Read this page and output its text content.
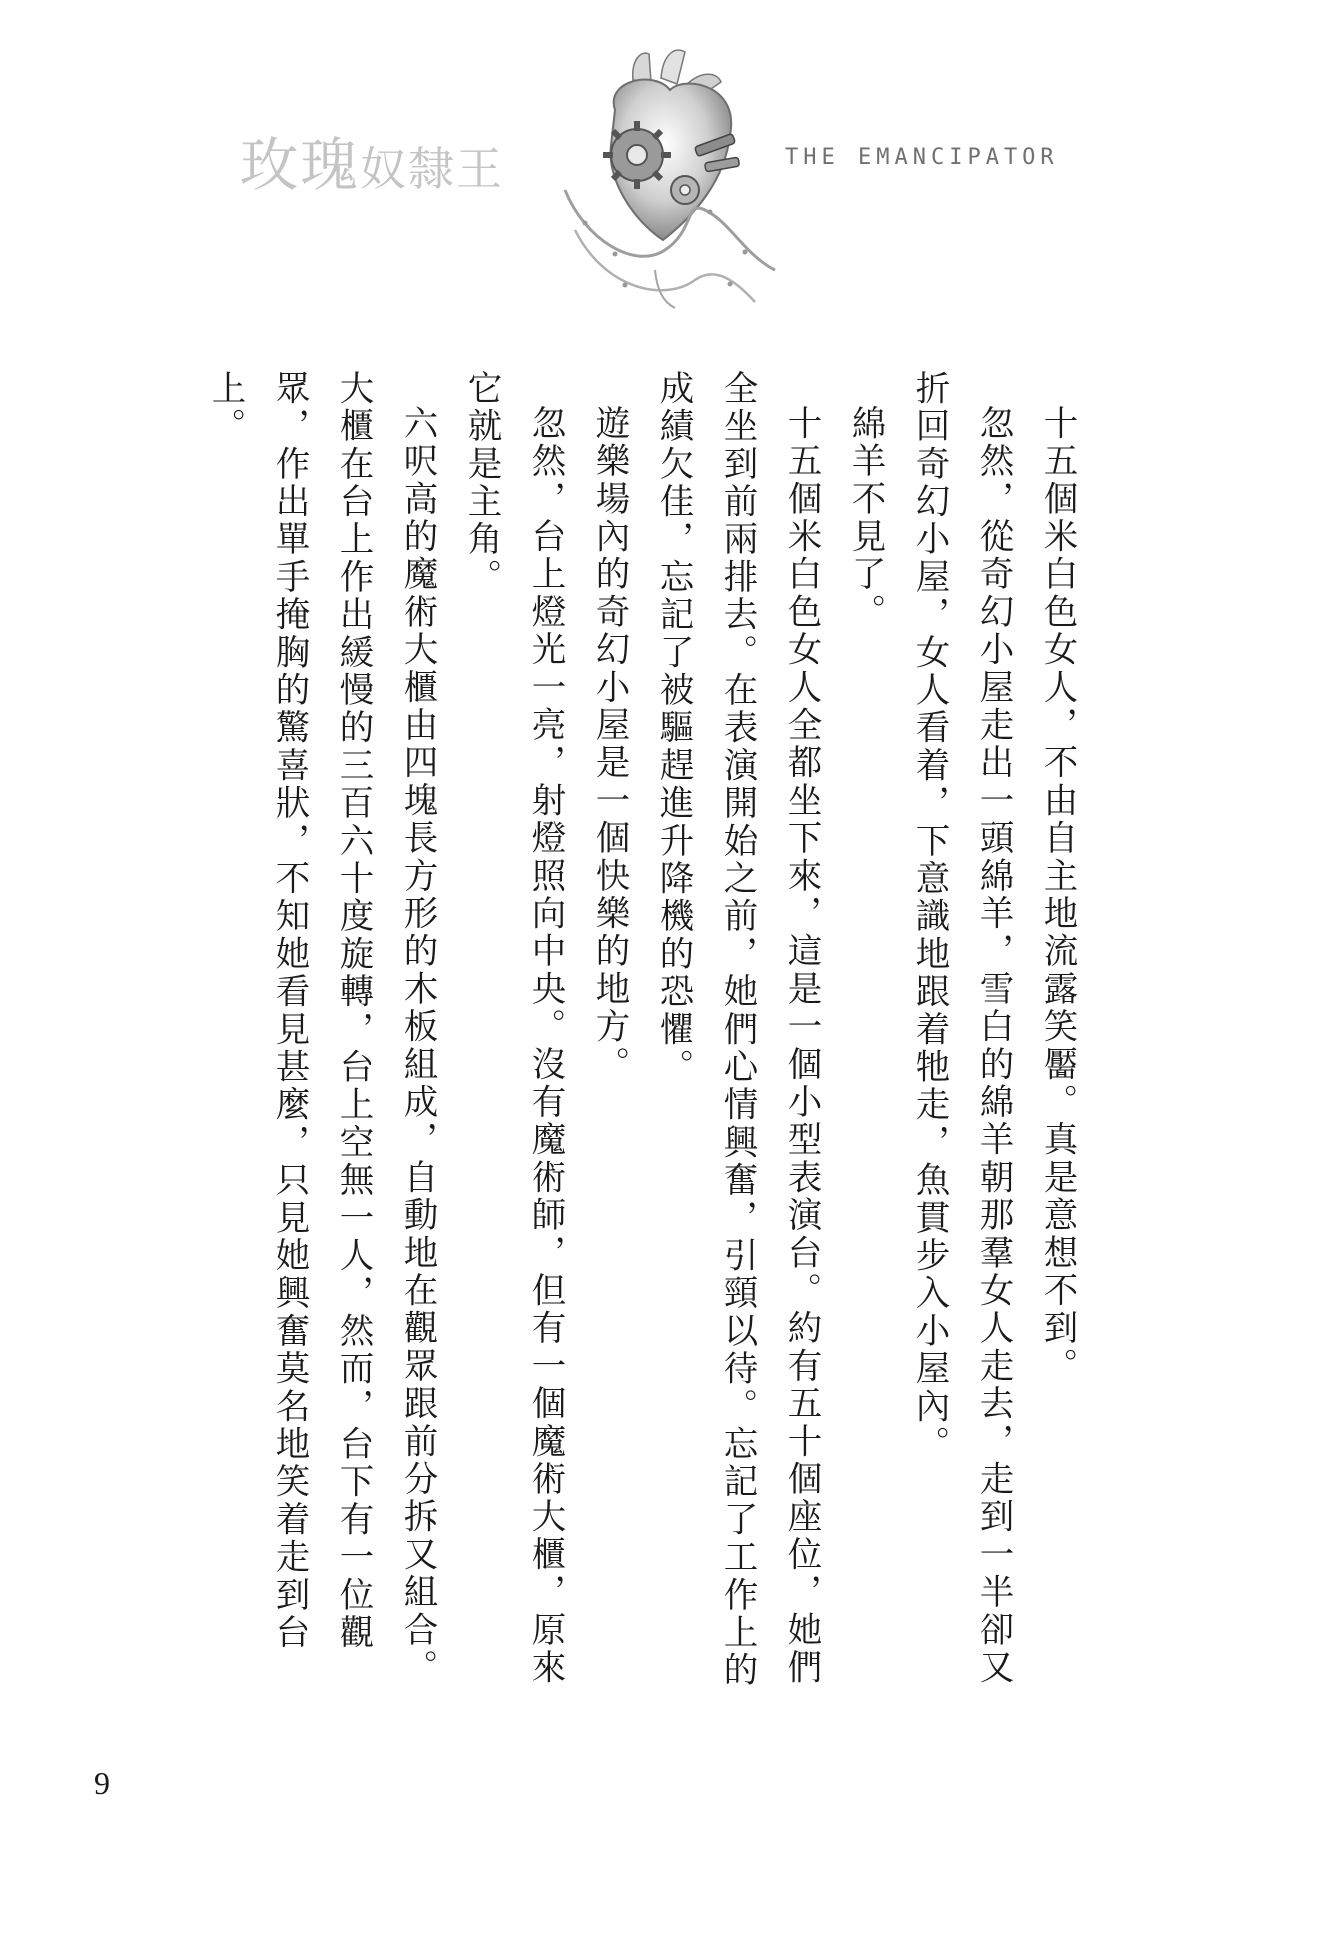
玫瑰奴隸王	THE EMANCIPATOR

十五個米白色女人，不由自主地流露笑靨。真是意想不到。

忽然，從奇幻小屋走出一頭綿羊，雪白的綿羊朝那羣女人走去，走到一半卻又折回奇幻小屋，女人看着，下意識地跟着牠走，魚貫步入小屋內。

綿羊不見了。

十五個米白色女人全都坐下來，這是一個小型表演台。約有五十個座位，她們全坐到前兩排去。在表演開始之前，她們心情興奮，引頸以待。忘記了工作上的成績欠佳，忘記了被驅趕進升降機的恐懼。

遊樂場內的奇幻小屋是一個快樂的地方。

忽然，台上燈光一亮，射燈照向中央。沒有魔術師，但有一個魔術大櫃，原來它就是主角。

六呎高的魔術大櫃由四塊長方形的木板組成，自動地在觀眾跟前分拆又組合。大櫃在台上作出緩慢的三百六十度旋轉，台上空無一人，然而，台下有一位觀眾，作出單手掩胸的驚喜狀，不知她看見甚麼，只見她興奮莫名地笑着走到台上。

9
